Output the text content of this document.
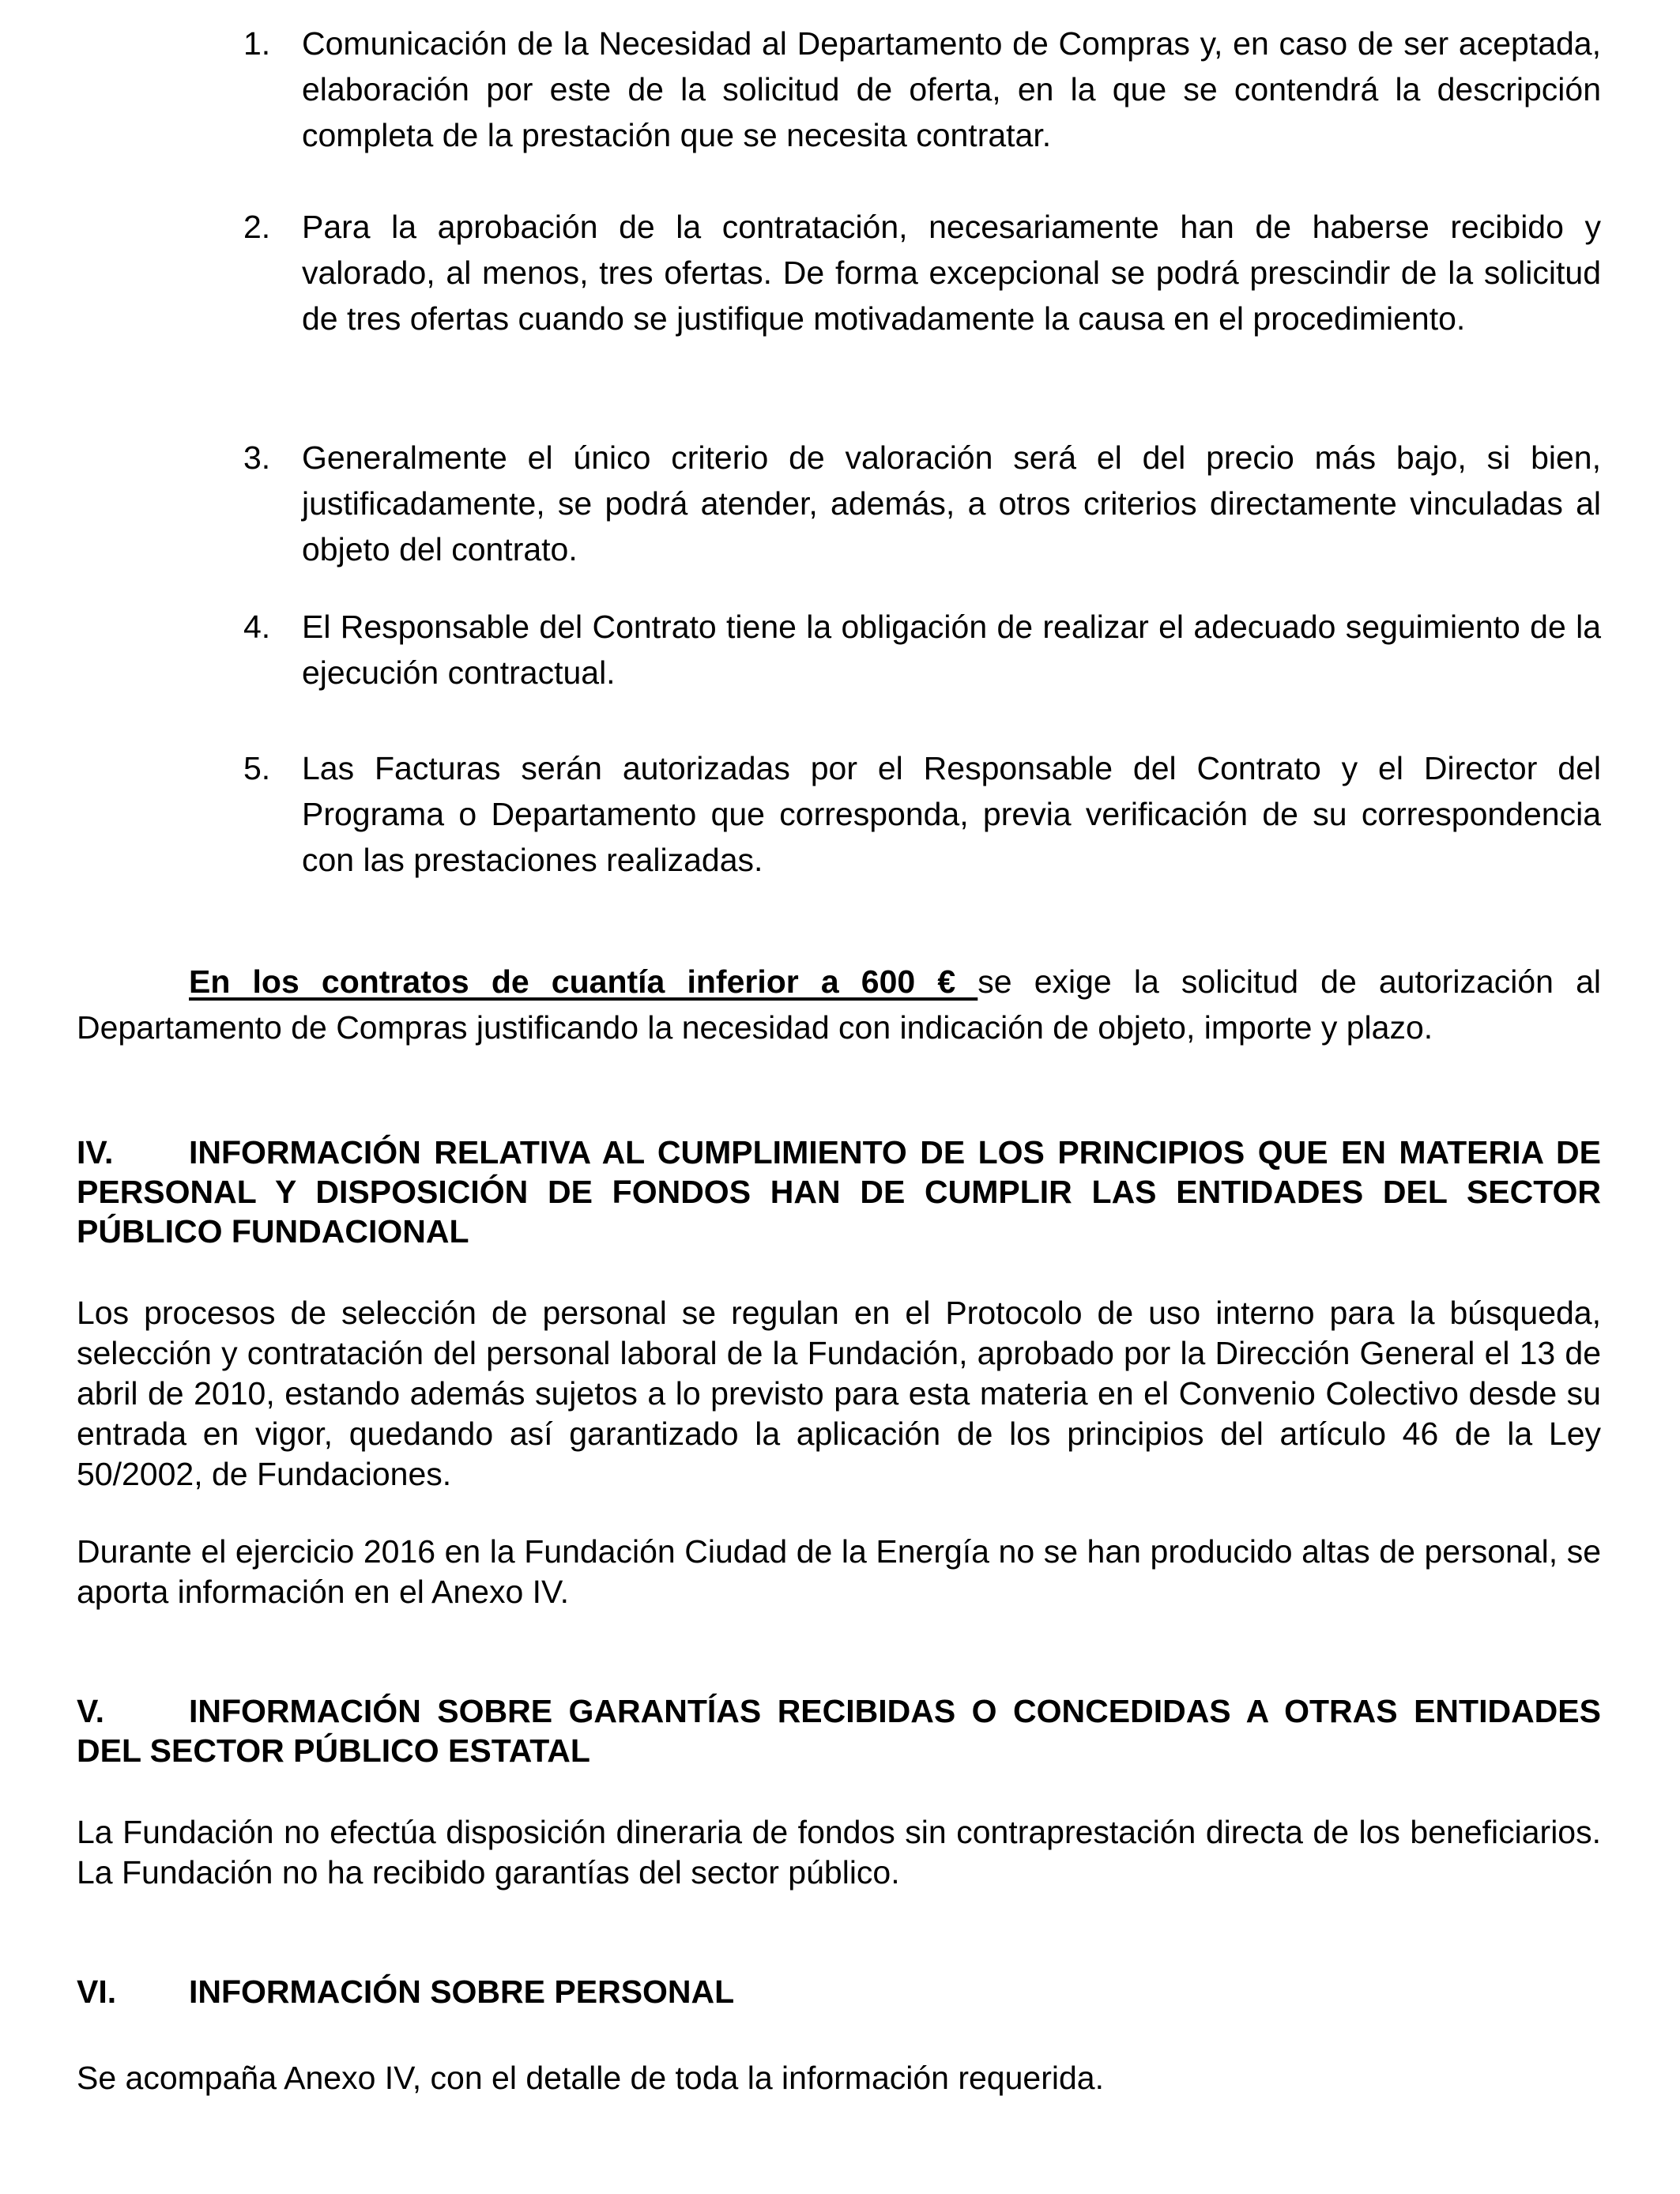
1. Comunicación de la Necesidad al Departamento de Compras y, en caso de ser aceptada, elaboración por este de la solicitud de oferta, en la que se contendrá la descripción completa de la prestación que se necesita contratar.

2. Para la aprobación de la contratación, necesariamente han de haberse recibido y valorado, al menos, tres ofertas. De forma excepcional se podrá prescindir de la solicitud de tres ofertas cuando se justifique motivadamente la causa en el procedimiento.

3. Generalmente el único criterio de valoración será el del precio más bajo, si bien, justificadamente, se podrá atender, además, a otros criterios directamente vinculadas al objeto del contrato.

4. El Responsable del Contrato tiene la obligación de realizar el adecuado seguimiento de la ejecución contractual.

5. Las Facturas serán autorizadas por el Responsable del Contrato y el Director del Programa o Departamento que corresponda, previa verificación de su correspondencia con las prestaciones realizadas.

En los contratos de cuantía inferior a 600 € se exige la solicitud de autorización al Departamento de Compras justificando la necesidad con indicación de objeto, importe y plazo.

IV. INFORMACIÓN RELATIVA AL CUMPLIMIENTO DE LOS PRINCIPIOS QUE EN MATERIA DE PERSONAL Y DISPOSICIÓN DE FONDOS HAN DE CUMPLIR LAS ENTIDADES DEL SECTOR PÚBLICO FUNDACIONAL

Los procesos de selección de personal se regulan en el Protocolo de uso interno para la búsqueda, selección y contratación del personal laboral de la Fundación, aprobado por la Dirección General el 13 de abril de 2010, estando además sujetos a lo previsto para esta materia en el Convenio Colectivo desde su entrada en vigor, quedando así garantizado la aplicación de los principios del artículo 46 de la Ley 50/2002, de Fundaciones.

Durante el ejercicio 2016 en la Fundación Ciudad de la Energía no se han producido altas de personal, se aporta información en el Anexo IV.

V.	INFORMACIÓN SOBRE GARANTÍAS RECIBIDAS O CONCEDIDAS A OTRAS ENTIDADES DEL SECTOR PÚBLICO ESTATAL

La Fundación no efectúa disposición dineraria de fondos sin contraprestación directa de los beneficiarios. La Fundación no ha recibido garantías del sector público.

VI. INFORMACIÓN SOBRE PERSONAL

Se acompaña Anexo IV, con el detalle de toda la información requerida.
